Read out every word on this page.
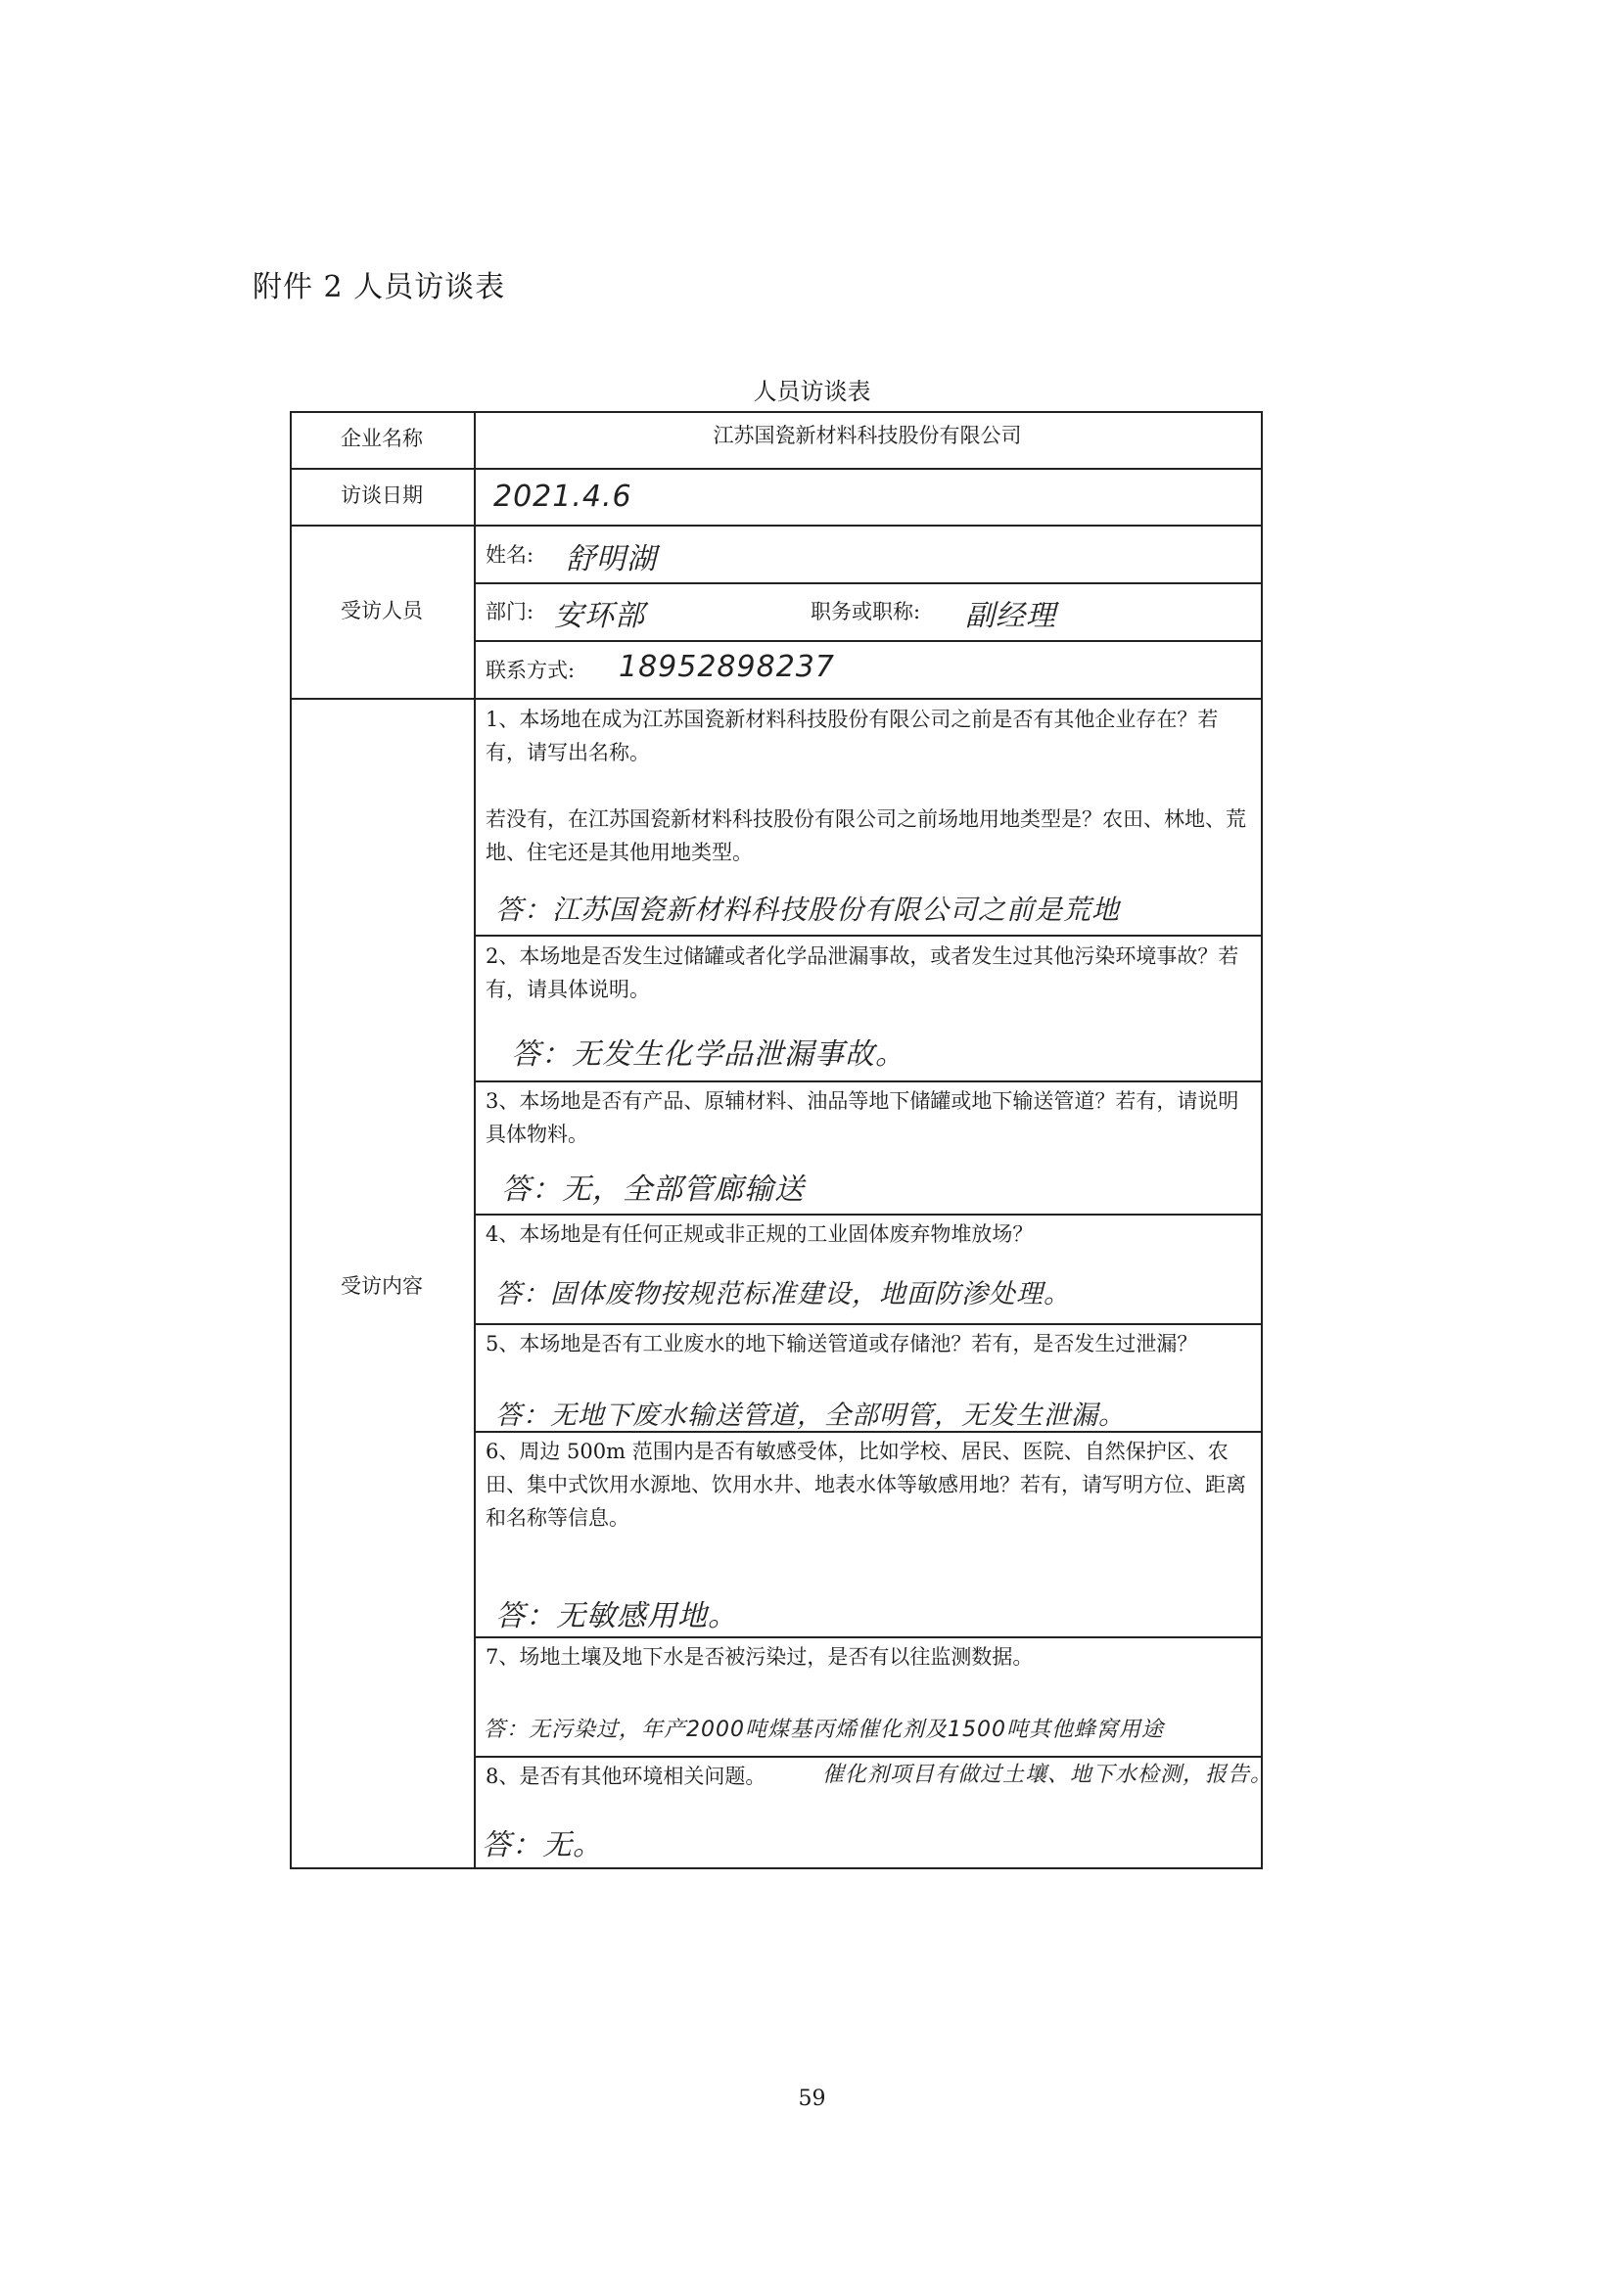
附件 2 人员访谈表
人员访谈表
企业名称
访谈日期
受访人员
受访内容
江苏国瓷新材料科技股份有限公司
2021.4.6
姓名: 舒明湖
部门: 安环部	职务或职称: 副经理
联系方式: 18952898237
1、本场地在成为江苏国瓷新材料科技股份有限公司之前是否有其他企业存在？若有，请写出名称。
若没有，在江苏国瓷新材料科技股份有限公司之前场地用地类型是？农田、林地、荒地、住宅还是其他用地类型。
答：江苏国瓷新材料科技股份有限公司之前是荒地
2、本场地是否发生过储罐或者化学品泄漏事故，或者发生过其他污染环境事故？若有，请具体说明。
答：无发生化学品泄漏事故。
3、本场地是否有产品、原辅材料、油品等地下储罐或地下输送管道？若有，请说明具体物料。
答：无，全部管廊输送
4、本场地是有任何正规或非正规的工业固体废弃物堆放场？
答：固体废物按规范标准建设，地面防渗处理。
5、本场地是否有工业废水的地下输送管道或存储池？若有，是否发生过泄漏？
答：无地下废水输送管道，全部明管，无发生泄漏。
6、周边 500m 范围内是否有敏感受体，比如学校、居民、医院、自然保护区、农田、集中式饮用水源地、饮用水井、地表水体等敏感用地？若有，请写明方位、距离和名称等信息。
答：无敏感用地。
7、场地土壤及地下水是否被污染过，是否有以往监测数据。
答：无污染过，年产2000吨煤基丙烯催化剂及1500吨其他蜂窝用途
催化剂项目有做过土壤、地下水检测，报告。
8、是否有其他环境相关问题。
答：无。
59
